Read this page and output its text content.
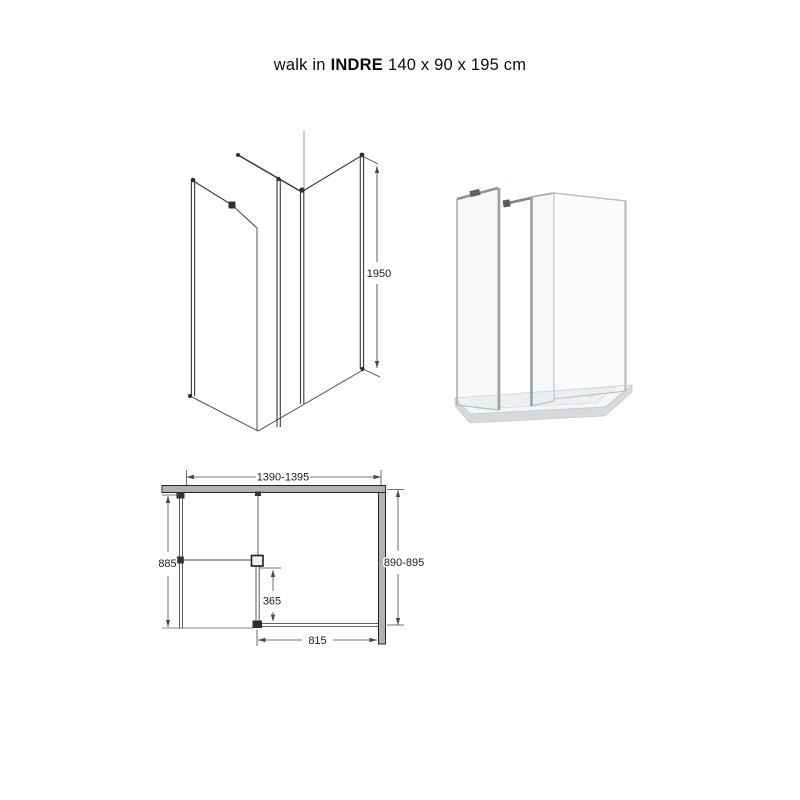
walk in INDRE 140 x 90 x 195 cm
1950
1390-1395
885	890-895
365
815
